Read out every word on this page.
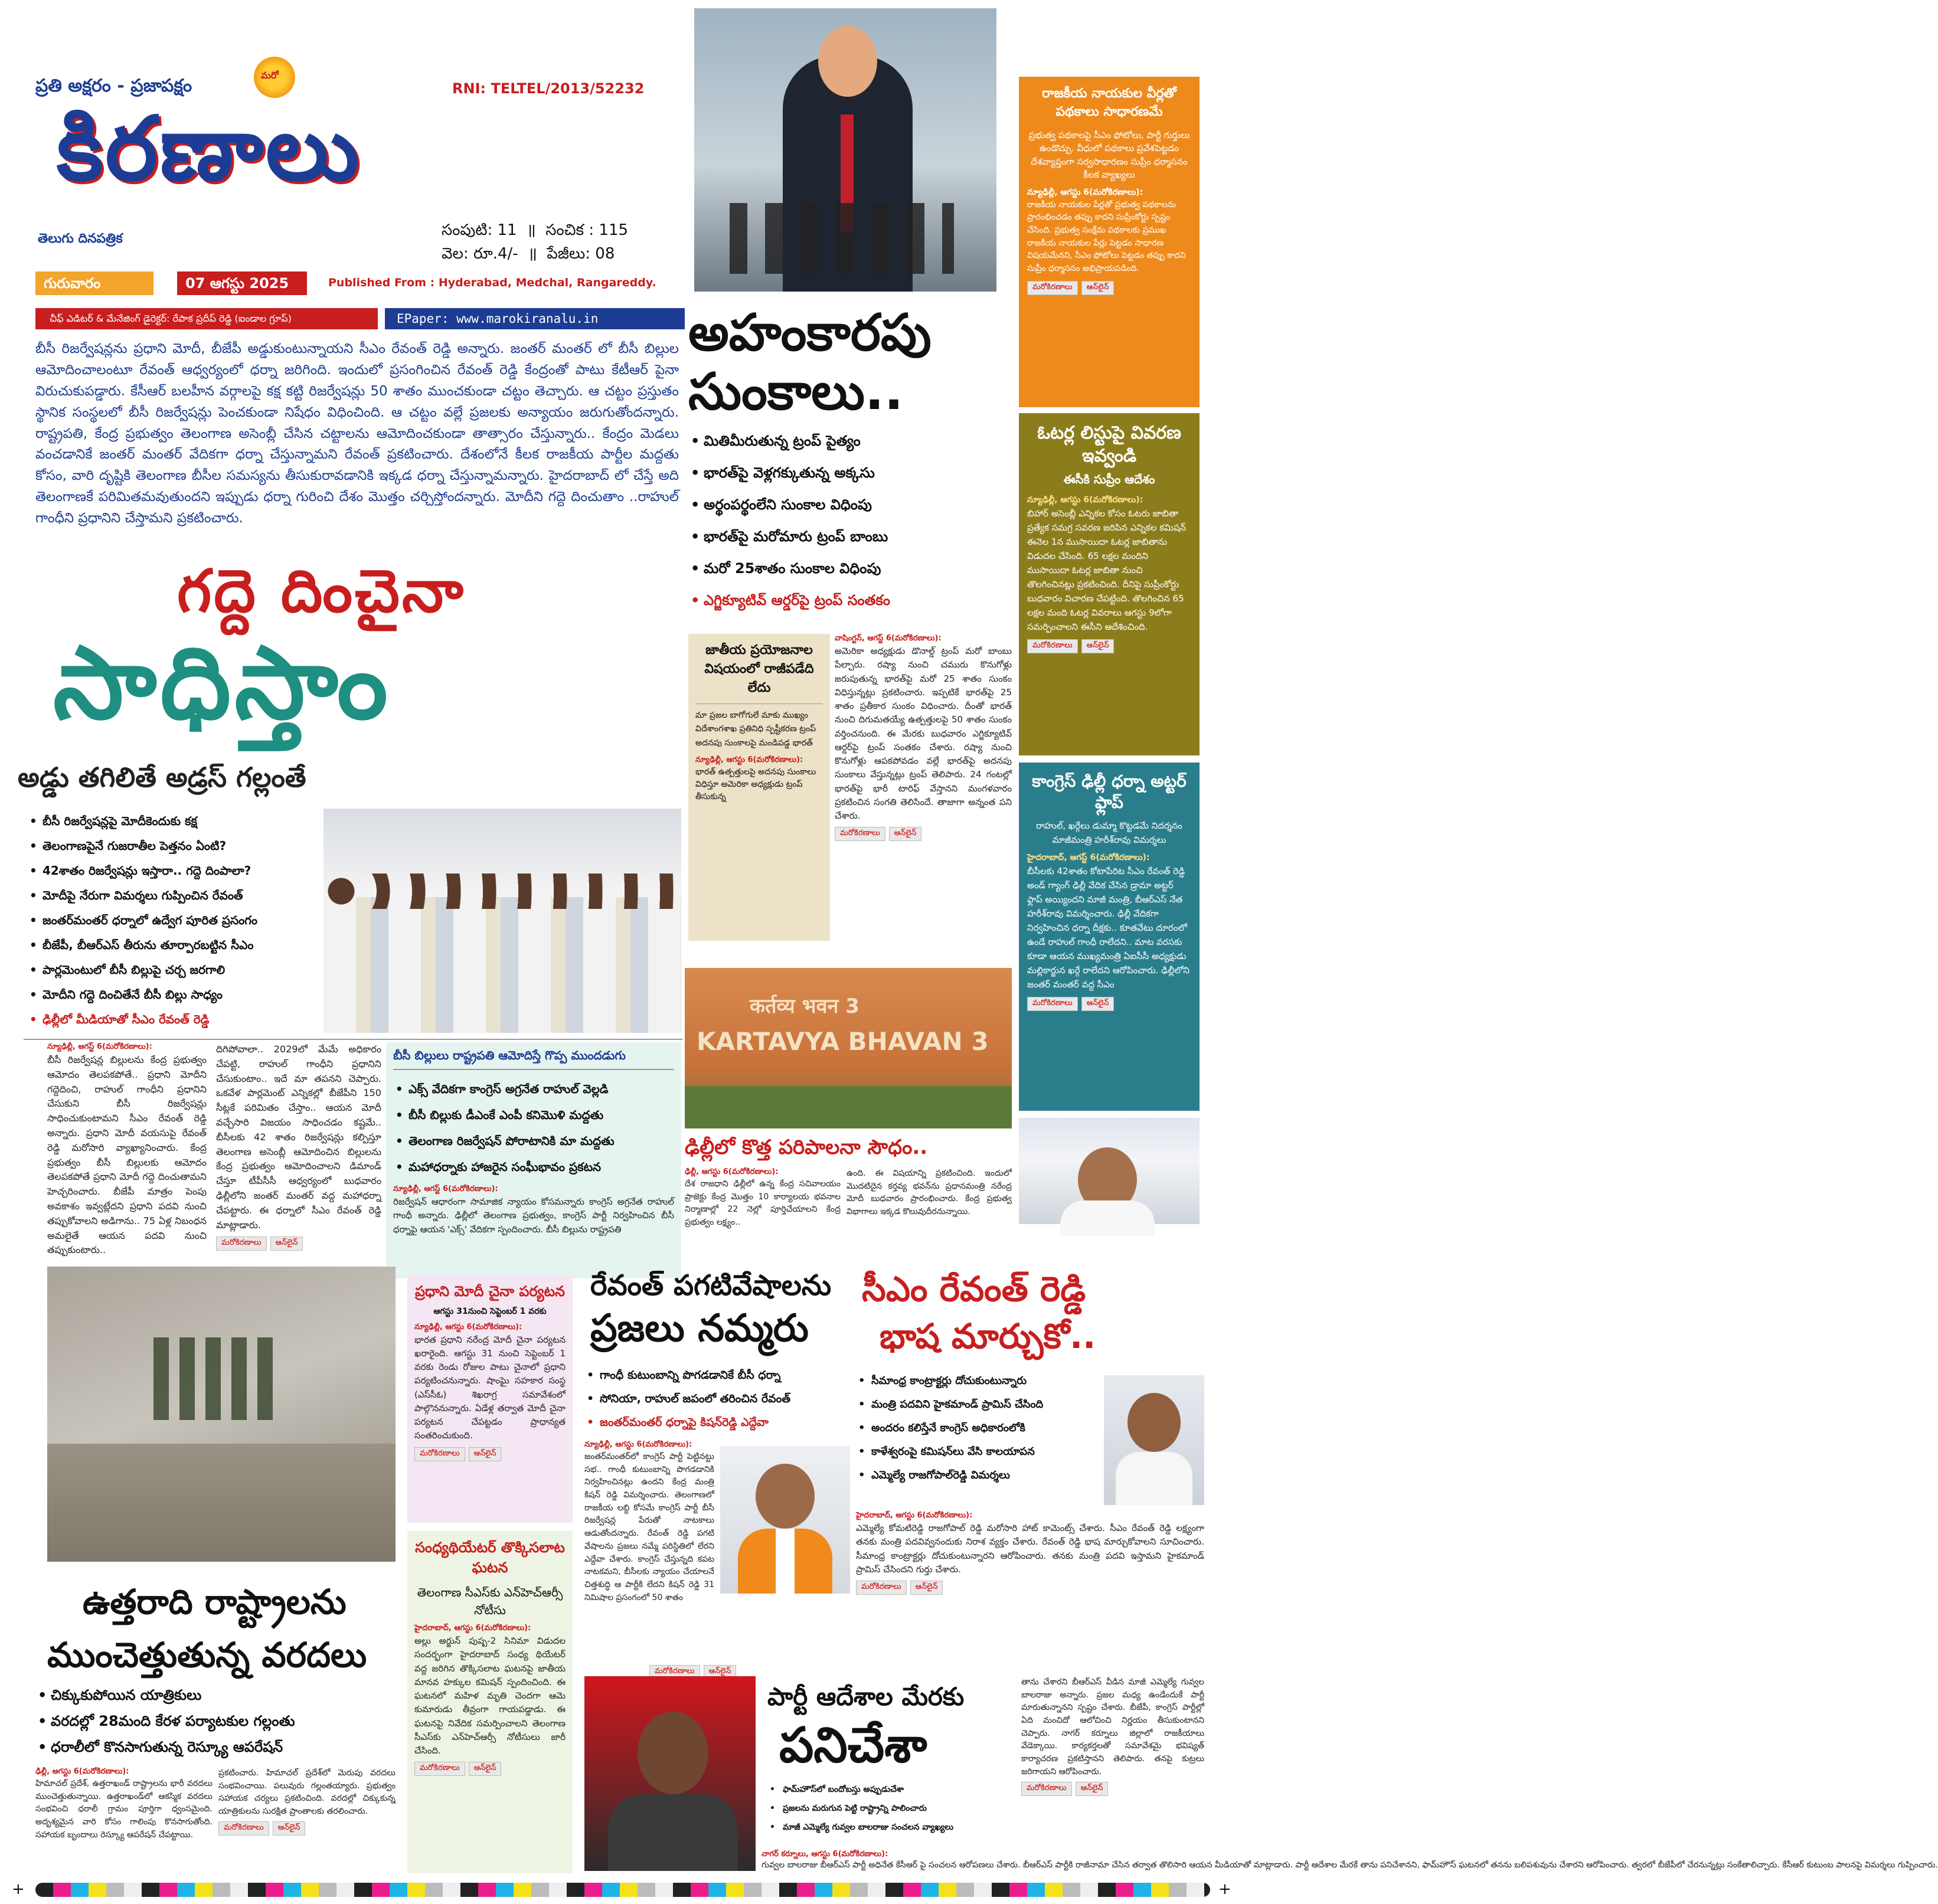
ప్రతి అక్షరం - ప్రజాపక్షం
మరో
కిరణాలు
తెలుగు దినపత్రిక
RNI: TELTEL/2013/52232
సంపుటి: 11  ॥  సంచిక : 115
వెల: రూ.4/-  ॥  పేజీలు: 08
గురువారం	07 ఆగస్టు 2025	Published From : Hyderabad, Medchal, Rangareddy.
చీఫ్ ఎడిటర్ & మేనేజింగ్ డైరెక్టర్: రేపాక ప్రదీప్ రెడ్డి (ఐండాల గ్రూప్)	EPaper: www.marokiranalu.in
రాజకీయ నాయకుల వీర్లతో పథకాలు సాధారణమే
ప్రభుత్వ పథకాలపై సీఎం ఫోటోలు, పార్టీ గుర్తులు ఉండొచ్చు. వీధులో పథకాలు ప్రవేశపెట్టడం దేశవ్యాప్తంగా సర్వసాధారణం సుప్రీం ధర్మాసనం కీలక వ్యాఖ్యలు
న్యూఢిల్లీ, ఆగస్టు 6(మరోకిరణాలు):
రాజకీయ నాయకుల పేర్లతో ప్రభుత్వ పథకాలను ప్రారంభించడం తప్పు కాదని సుప్రీంకోర్టు స్పష్టం చేసింది. ప్రభుత్వ సంక్షేమ పథకాలకు ప్రముఖ రాజకీయ నాయకుల పేర్లు పెట్టడం సాధారణ విషయమేనని, సీఎం ఫోటోలు పెట్టడం తప్పు కాదని సుప్రీం ధర్మాసనం అభిప్రాయపడింది.
మరోకిరణాలు ఆన్‌లైన్
ఓటర్ల లిస్టుపై వివరణ ఇవ్వండి
ఈసీకి సుప్రీం ఆదేశం
న్యూఢిల్లీ, ఆగస్టు 6(మరోకిరణాలు):
బిహార్ అసెంబ్లీ ఎన్నికల కోసం ఓటరు జాబితా ప్రత్యేక సమగ్ర సవరణ జరిపిన ఎన్నికల కమిషన్ ఈనెల 1న ముసాయిదా ఓటర్ల జాబితాను విడుదల చేసింది. 65 లక్షల మందిని ముసాయిదా ఓటర్ల జాబితా నుంచి తొలగించినట్లు ప్రకటించింది. దీనిపై సుప్రీంకోర్టు బుధవారం విచారణ చేపట్టింది. తొలగించిన 65 లక్షల మంది ఓటర్ల వివరాలు ఆగస్టు 9లోగా సమర్పించాలని ఈసీని ఆదేశించింది.
మరోకిరణాలు ఆన్‌లైన్
కాంగ్రెస్ ఢిల్లీ ధర్నా అట్టర్ ఫ్లాప్
రాహుల్, ఖర్గేలు డుమ్మా కొట్టడమే నిదర్శనం మాజీమంత్రి హరీశ్‌రావు విమర్శలు
హైదరాబాద్, ఆగస్ట్ 6(మరోకిరణాలు):
బీసీలకు 42శాతం కోటాపేరిట సీఎం రేవంత్ రెడ్డి అండ్ గ్యాంగ్ ఢిల్లీ వేదిక చేసిన డ్రామా అట్టర్ ఫ్లాప్ అయ్యిందని మాజీ మంత్రి, బీఆర్ఎస్ నేత హరీశ్‌రావు విమర్శించారు. ఢిల్లీ వేదికగా నిర్వహించిన ధర్నా దీక్షకు.. కూతవేటు దూరంలో ఉండే రాహుల్ గాంధీ రాలేదని.. మాట వరసకు కూడా ఆయన ముఖ్యమంత్రి ఏఐసీసీ అధ్యక్షుడు మల్లికార్జున ఖర్గే రాలేదని ఆరోపించారు. ఢిల్లీలోని జంతర్ మంతర్ వద్ద సీఎం
మరోకిరణాలు ఆన్‌లైన్
బీసీ రిజర్వేషన్లను ప్రధాని మోదీ, బీజేపీ అడ్డుకుంటున్నాయని సీఎం రేవంత్ రెడ్డి అన్నారు. జంతర్ మంతర్ లో బీసీ బిల్లుల ఆమోదించాలంటూ రేవంత్ ఆధ్వర్యంలో ధర్నా జరిగింది. ఇందులో ప్రసంగించిన రేవంత్ రెడ్డి కేంద్రంతో పాటు కేటీఆర్ పైనా విరుచుకుపడ్డారు. కేసీఆర్ బలహీన వర్గాలపై కక్ష కట్టి రిజర్వేషన్లు 50 శాతం ముంచకుండా చట్టం తెచ్చారు. ఆ చట్టం ప్రస్తుతం స్థానిక సంస్థలలో బీసీ రిజర్వేషన్లు పెంచకుండా నిషేధం విధించింది. ఆ చట్టం వల్లే ప్రజలకు అన్యాయం జరుగుతోందన్నారు. రాష్ట్రపతి, కేంద్ర ప్రభుత్వం తెలంగాణ అసెంబ్లీ చేసిన చట్టాలను ఆమోదించకుండా తాత్సారం చేస్తున్నారు.. కేంద్రం మెడలు వంచడానికే జంతర్ మంతర్ వేదికగా ధర్నా చేస్తున్నామని రేవంత్ ప్రకటించారు. దేశంలోనే కీలక రాజకీయ పార్టీల మద్దతు కోసం, వారి దృష్టికి తెలంగాణ బీసీల సమస్యను తీసుకురావడానికి ఇక్కడ ధర్నా చేస్తున్నామన్నారు. హైదరాబాద్ లో చేస్తే అది తెలంగాణకే పరిమితమవుతుందని ఇప్పుడు ధర్నా గురించి దేశం మొత్తం చర్చిస్తోందన్నారు. మోదీని గద్దె దించుతాం ..రాహుల్ గాంధీని ప్రధానిని చేస్తామని ప్రకటించారు.
గద్దె దించైనా
సాధిస్తాం
అడ్డు తగిలితే అడ్రస్ గల్లంతే
• బీసీ రిజర్వేషన్లపై మోదీకెందుకు కక్ష
• తెలంగాణపైనే గుజరాతీల పెత్తనం ఏంటి?
• 42శాతం రిజర్వేషన్లు ఇస్తారా.. గద్దె దింపాలా?
• మోదీపై నేరుగా విమర్శలు గుప్పించిన రేవంత్
• జంతర్‌మంతర్ ధర్నాలో ఉద్వేగ పూరిత ప్రసంగం
• బీజేపీ, బీఆర్ఎస్ తీరును తూర్పారబట్టిన సీఎం
• పార్లమెంటులో బీసీ బిల్లుపై చర్చ జరగాలి
• మోదీని గద్దె దించితేనే బీసీ బిల్లు సాధ్యం
• ఢిల్లీలో మీడియాతో సీఎం రేవంత్ రెడ్డి
న్యూఢిల్లీ, ఆగస్ట్ 6(మరోకిరణాలు):
బీసీ రిజర్వేషన్ల బిల్లులను కేంద్ర ప్రభుత్వం ఆమోదం తెలపకపోతే.. ప్రధాని మోదీని గద్దెదించి, రాహుల్ గాంధీని ప్రధానిని చేసుకుని బీసీ రిజర్వేషన్లు సాధించుకుంటామని సీఎం రేవంత్ రెడ్డి అన్నారు. ప్రధాని మోదీ వయసుపై రేవంత్ రెడ్డి మరోసారి వ్యాఖ్యానించారు. కేంద్ర ప్రభుత్వం బీసీ బిల్లులకు ఆమోదం తెలపకపోతే ప్రధాని మోదీ గద్దె దించుతామని హెచ్చరించారు. బీజేపీ మాత్రం పెంపు అవకాశం ఇవ్వట్లేదని ప్రధాని పదవి నుంచి తప్పుకోవాలని అడిగాను.. 75 ఏళ్ల నిబంధన అమలైతే ఆయన పదవి నుంచి తప్పుకుంటారు..
దిగిపోవాలా.. 2029లో మేమే అధికారం చేపట్టి, రాహుల్ గాంధీని ప్రధానిని చేసుకుంటాం.. ఇదే మా తపనని చెప్పారు. ఒకవేళ పార్లమెంట్ ఎన్నికల్లో బీజేపీని 150 సీట్లకే పరిమితం చేస్తాం.. ఆయన మోదీ వచ్చేసారి విజయం సాధించడం కష్టమే.. బీసీలకు 42 శాతం రిజర్వేషన్లు కల్పిస్తూ తెలంగాణ అసెంబ్లీ ఆమోదించిన బిల్లులను కేంద్ర ప్రభుత్వం ఆమోదించాలని డిమాండ్ చేస్తూ టీపీసీసీ ఆధ్వర్యంలో బుధవారం ఢిల్లీలోని జంతర్ మంతర్ వద్ద మహాధర్నా చేపట్టారు. ఈ ధర్నాలో సీఎం రేవంత్ రెడ్డి మాట్లాడారు.
మరోకిరణాలు ఆన్‌లైన్
బీసీ బిల్లులు రాష్ట్రపతి ఆమోదిస్తే గొప్ప ముందడుగు
• ఎక్స్ వేదికగా కాంగ్రెస్ అగ్రనేత రాహుల్ వెల్లడి
• బీసీ బిల్లుకు డీఎంకే ఎంపీ కనిమొళి మద్దతు
• తెలంగాణ రిజర్వేషన్ పోరాటానికి మా మద్దతు
• మహాధర్నాకు హాజరైన సంఘీభావం ప్రకటన
న్యూఢిల్లీ, ఆగస్ట్ 6(మరోకిరణాలు):
రిజర్వేషన్ ఆధారంగా సామాజిక న్యాయం కోసమన్నారు కాంగ్రెస్ అగ్రనేత రాహుల్ గాంధీ అన్నారు. ఢిల్లీలో తెలంగాణ ప్రభుత్వం, కాంగ్రెస్ పార్టీ నిర్వహించిన బీసీ ధర్నాపై ఆయన 'ఎక్స్' వేదికగా స్పందించారు. బీసీ బిల్లును రాష్ట్రపతి
అహంకారపు
సుంకాలు..
• మితిమీరుతున్న ట్రంప్ పైత్యం
• భారత్‌పై వెళ్లగక్కుతున్న అక్కసు
• అర్థంపర్థంలేని సుంకాల విధింపు
• భారత్‌పై మరోమారు ట్రంప్ బాంబు
• మరో 25శాతం సుంకాల విధింపు
• ఎగ్జిక్యూటివ్ ఆర్డర్‌పై ట్రంప్ సంతకం
జాతీయ ప్రయోజనాల విషయంలో రాజీపడేది లేదు
మా ప్రజల బాగోగులే మాకు ముఖ్యం విదేశాంగశాఖ ప్రతినిధి స్పష్టీకరణ ట్రంప్ అదనపు సుంకాలపై మండిపడ్డ భారత్
న్యూఢిల్లీ, ఆగస్టు 6(మరోకిరణాలు):
భారత్ ఉత్పత్తులపై అదనపు సుంకాలు విధిస్తూ అమెరికా అధ్యక్షుడు ట్రంప్ తీసుకున్న
వాషింగ్టన్, ఆగస్ట్ 6(మరోకిరణాలు):
అమెరికా అధ్యక్షుడు డొనాల్డ్ ట్రంప్ మరో బాంబు పేల్చారు. రష్యా నుంచి చమురు కొనుగోళ్లు జరుపుతున్న భారత్‌పై మరో 25 శాతం సుంకం విధిస్తున్నట్లు ప్రకటించారు. ఇప్పటికే భారత్‌పై 25 శాతం ప్రతీకార సుంకం విధించారు. దీంతో భారత్ నుంచి దిగుమతయ్యే ఉత్పత్తులపై 50 శాతం సుంకం వర్తించనుంది. ఈ మేరకు బుధవారం ఎగ్జిక్యూటివ్ ఆర్డర్‌పై ట్రంప్ సంతకం చేశారు. రష్యా నుంచి కొనుగోళ్లు ఆపకపోవడం వల్లే భారత్‌పై అదనపు సుంకాలు వేస్తున్నట్లు ట్రంప్ తెలిపారు. 24 గంటల్లో భారత్‌పై భారీ టారిఫ్ వేస్తానని మంగళవారం ప్రకటించిన సంగతి తెలిసిందే. తాజాగా అన్నంత పని చేశారు.
మరోకిరణాలు ఆన్‌లైన్
कर्तव्य भवन 3
KARTAVYA BHAVAN 3
ఢిల్లీలో కొత్త పరిపాలనా సౌధం..
ఢిల్లీ, ఆగస్టు 6(మరోకిరణాలు):
దేశ రాజధాని ఢిల్లీలో ఉన్న కేంద్ర సచివాలయం ప్రాజెక్టు కేంద్ర మొత్తం 10 కార్యాలయ భవనాల నిర్మాణాల్లో 22 నెల్లో పూర్తిచేయాలని కేంద్ర ప్రభుత్వం లక్ష్యం..
ఉంది. ఈ విషయాన్ని ప్రకటించింది. ఇందులో మొదటిదైన కర్తవ్య భవన్‌ను ప్రధానమంత్రి నరేంద్ర మోదీ బుధవారం ప్రారంభించారు. కేంద్ర ప్రభుత్వ విభాగాలు ఇక్కడ కొలువుదీరనున్నాయి.
ఉత్తరాది రాష్ట్రాలను
ముంచెత్తుతున్న వరదలు
• చిక్కుకుపోయిన యాత్రికులు
• వరదల్లో 28మంది కేరళ పర్యాటకుల గల్లంతు
• ధరాలీలో కొనసాగుతున్న రెస్క్యూ ఆపరేషన్
ఢిల్లీ, ఆగస్టు 6(మరోకిరణాలు):
హిమాచల్ ప్రదేశ్, ఉత్తరాఖండ్ రాష్ట్రాలను భారీ వరదలు ముంచెత్తుతున్నాయి. ఉత్తరాఖండ్‌లో ఆకస్మిక వరదలు సంభవించి ధరాలీ గ్రామం పూర్తిగా ధ్వంసమైంది. అదృశ్యమైన వారి కోసం గాలింపు కొనసాగుతోంది. సహాయక బృందాలు రెస్క్యూ ఆపరేషన్ చేపట్టాయి.
ప్రకటించారు. హిమాచల్ ప్రదేశ్‌లో మెరుపు వరదలు సంభవించాయి. పలువురు గల్లంతయ్యారు. ప్రభుత్వం సహాయక చర్యలు ప్రకటించింది. వరదల్లో చిక్కుకున్న యాత్రికులను సురక్షిత ప్రాంతాలకు తరలించారు.
మరోకిరణాలు ఆన్‌లైన్
ప్రధాని మోదీ చైనా పర్యటన
ఆగస్టు 31నుంచి సెప్టెంబర్ 1 వరకు
న్యూఢిల్లీ, ఆగస్టు 6(మరోకిరణాలు):
భారత ప్రధాని నరేంద్ర మోదీ చైనా పర్యటన ఖరారైంది. ఆగస్టు 31 నుంచి సెప్టెంబర్ 1 వరకు రెండు రోజుల పాటు చైనాలో ప్రధాని పర్యటించనున్నారు. షాంఘై సహకార సంస్థ (ఎస్‌సీఓ) శిఖరాగ్ర సమావేశంలో పాల్గొననున్నారు. ఏడేళ్ల తర్వాత మోదీ చైనా పర్యటన చేపట్టడం ప్రాధాన్యత సంతరించుకుంది.
మరోకిరణాలు ఆన్‌లైన్
సంధ్యథియేటర్ తొక్కిసలాట ఘటన
తెలంగాణ సీఎస్‌కు ఎన్‌హెచ్‌ఆర్సీ నోటీసు
హైదరాబాద్, ఆగస్టు 6(మరోకిరణాలు):
అల్లు అర్జున్ పుష్ప-2 సినిమా విడుదల సందర్భంగా హైదరాబాద్ సంధ్య థియేటర్ వద్ద జరిగిన తొక్కిసలాట ఘటనపై జాతీయ మానవ హక్కుల కమిషన్ స్పందించింది. ఈ ఘటనలో మహిళ మృతి చెందగా ఆమె కుమారుడు తీవ్రంగా గాయపడ్డాడు. ఈ ఘటనపై నివేదిక సమర్పించాలని తెలంగాణ సీఎస్‌కు ఎన్‌హెచ్‌ఆర్సీ నోటీసులు జారీ చేసింది.
మరోకిరణాలు ఆన్‌లైన్
రేవంత్ పగటివేషాలను
ప్రజలు నమ్మరు
• గాంధీ కుటుంబాన్ని పొగడడానికే బీసీ ధర్నా
• సోనియా, రాహుల్ జపంలో తరించిన రేవంత్
• జంతర్‌మంతర్ ధర్నాపై కిషన్‌రెడ్డి ఎద్దేవా
న్యూఢిల్లీ, ఆగస్టు 6(మరోకిరణాలు):
జంతర్‌మంతర్‌లో కాంగ్రెస్ పార్టీ పెట్టినట్టు సభ.. గాంధీ కుటుంబాన్ని పొగడడానికి నిర్వహించినట్లు ఉందని కేంద్ర మంత్రి కిషన్ రెడ్డి విమర్శించారు. తెలంగాణలో రాజకీయ లబ్ధి కోసమే కాంగ్రెస్ పార్టీ బీసీ రిజర్వేషన్ల పేరుతో నాటకాలు ఆడుతోందన్నారు. రేవంత్ రెడ్డి పగటి వేషాలను ప్రజలు నమ్మే పరిస్థితిలో లేరని ఎద్దేవా చేశారు. కాంగ్రెస్ చేస్తున్నది కపట నాటకమని, బీసీలకు న్యాయం చేయాలనే చిత్తశుద్ధి ఆ పార్టీకి లేదని కిషన్ రెడ్డి 31 నిమిషాల ప్రసంగంలో 50 శాతం
మరోకిరణాలు ఆన్‌లైన్
సీఎం రేవంత్ రెడ్డి
భాష మార్చుకో..
• సీమాంధ్ర కాంట్రాక్టర్లు దోచుకుంటున్నారు
• మంత్రి పదవిని హైకమాండ్ ప్రామిస్ చేసింది
• అందరం కలిస్తేనే కాంగ్రెస్ అధికారంలోకి
• కాళేశ్వరంపై కమిషన్‌లు వేసి కాలయాపన
• ఎమ్మెల్యే రాజగోపాల్‌రెడ్డి విమర్శలు
హైదరాబాద్, ఆగస్టు 6(మరోకిరణాలు):
ఎమ్మెల్యే కోమటిరెడ్డి రాజగోపాల్ రెడ్డి మరోసారి హాట్ కామెంట్స్ చేశారు. సీఎం రేవంత్ రెడ్డి లక్ష్యంగా తనకు మంత్రి పదవివ్వనందుకు నిరాశ వ్యక్తం చేశారు. రేవంత్ రెడ్డి భాష మార్చుకోవాలని సూచించారు. సీమాంధ్ర కాంట్రాక్టర్లు దోచుకుంటున్నారని ఆరోపించారు. తనకు మంత్రి పదవి ఇస్తామని హైకమాండ్ ప్రామిస్ చేసిందని గుర్తు చేశారు.
మరోకిరణాలు ఆన్‌లైన్
పార్టీ ఆదేశాల మేరకు
పనిచేశా
• ఫామ్‌హౌస్‌లో బందోబస్తు అప్పుడుచేశా
• ప్రజలను మరుగున పెట్టి రాష్ట్రాన్ని పాలించారు
• మాజీ ఎమ్మెల్యే గువ్వల బాలరాజు సంచలన వ్యాఖ్యలు
నాగర్ కర్నూలు, ఆగస్టు 6(మరోకిరణాలు):
తాను చేశారని బీఆర్ఎస్ వీడిన మాజీ ఎమ్మెల్యే గువ్వల బాలరాజు అన్నారు. ప్రజల మధ్య ఉండేందుకే పార్టీ మారుతున్నానని స్పష్టం చేశారు. బీజేపీ, కాంగ్రెస్ పార్టీల్లో ఏది మంచిదో ఆలోచించి నిర్ణయం తీసుకుంటానని చెప్పారు. నాగర్ కర్నూలు జిల్లాలో రాజకీయాలు వేడెక్కాయి. కార్యకర్తలతో సమావేశమై భవిష్యత్ కార్యాచరణ ప్రకటిస్తానని తెలిపారు. తనపై కుట్రలు జరిగాయని ఆరోపించారు.
మరోకిరణాలు ఆన్‌లైన్
గువ్వల బాలరాజు బీఆర్ఎస్ పార్టీ అధినేత కేసీఆర్ పై సంచలన ఆరోపణలు చేశారు. బీఆర్ఎస్ పార్టీకి రాజీనామా చేసిన తర్వాత తొలిసారి ఆయన మీడియాతో మాట్లాడారు. పార్టీ ఆదేశాల మేరకే తాను పనిచేశానని, ఫామ్‌హౌస్ ఘటనలో తనను బలిపశువును చేశారని ఆరోపించారు. త్వరలో బీజేపీలో చేరనున్నట్లు సంకేతాలిచ్చారు. కేసీఆర్ కుటుంబ పాలనపై విమర్శలు గుప్పించారు.
+	+
